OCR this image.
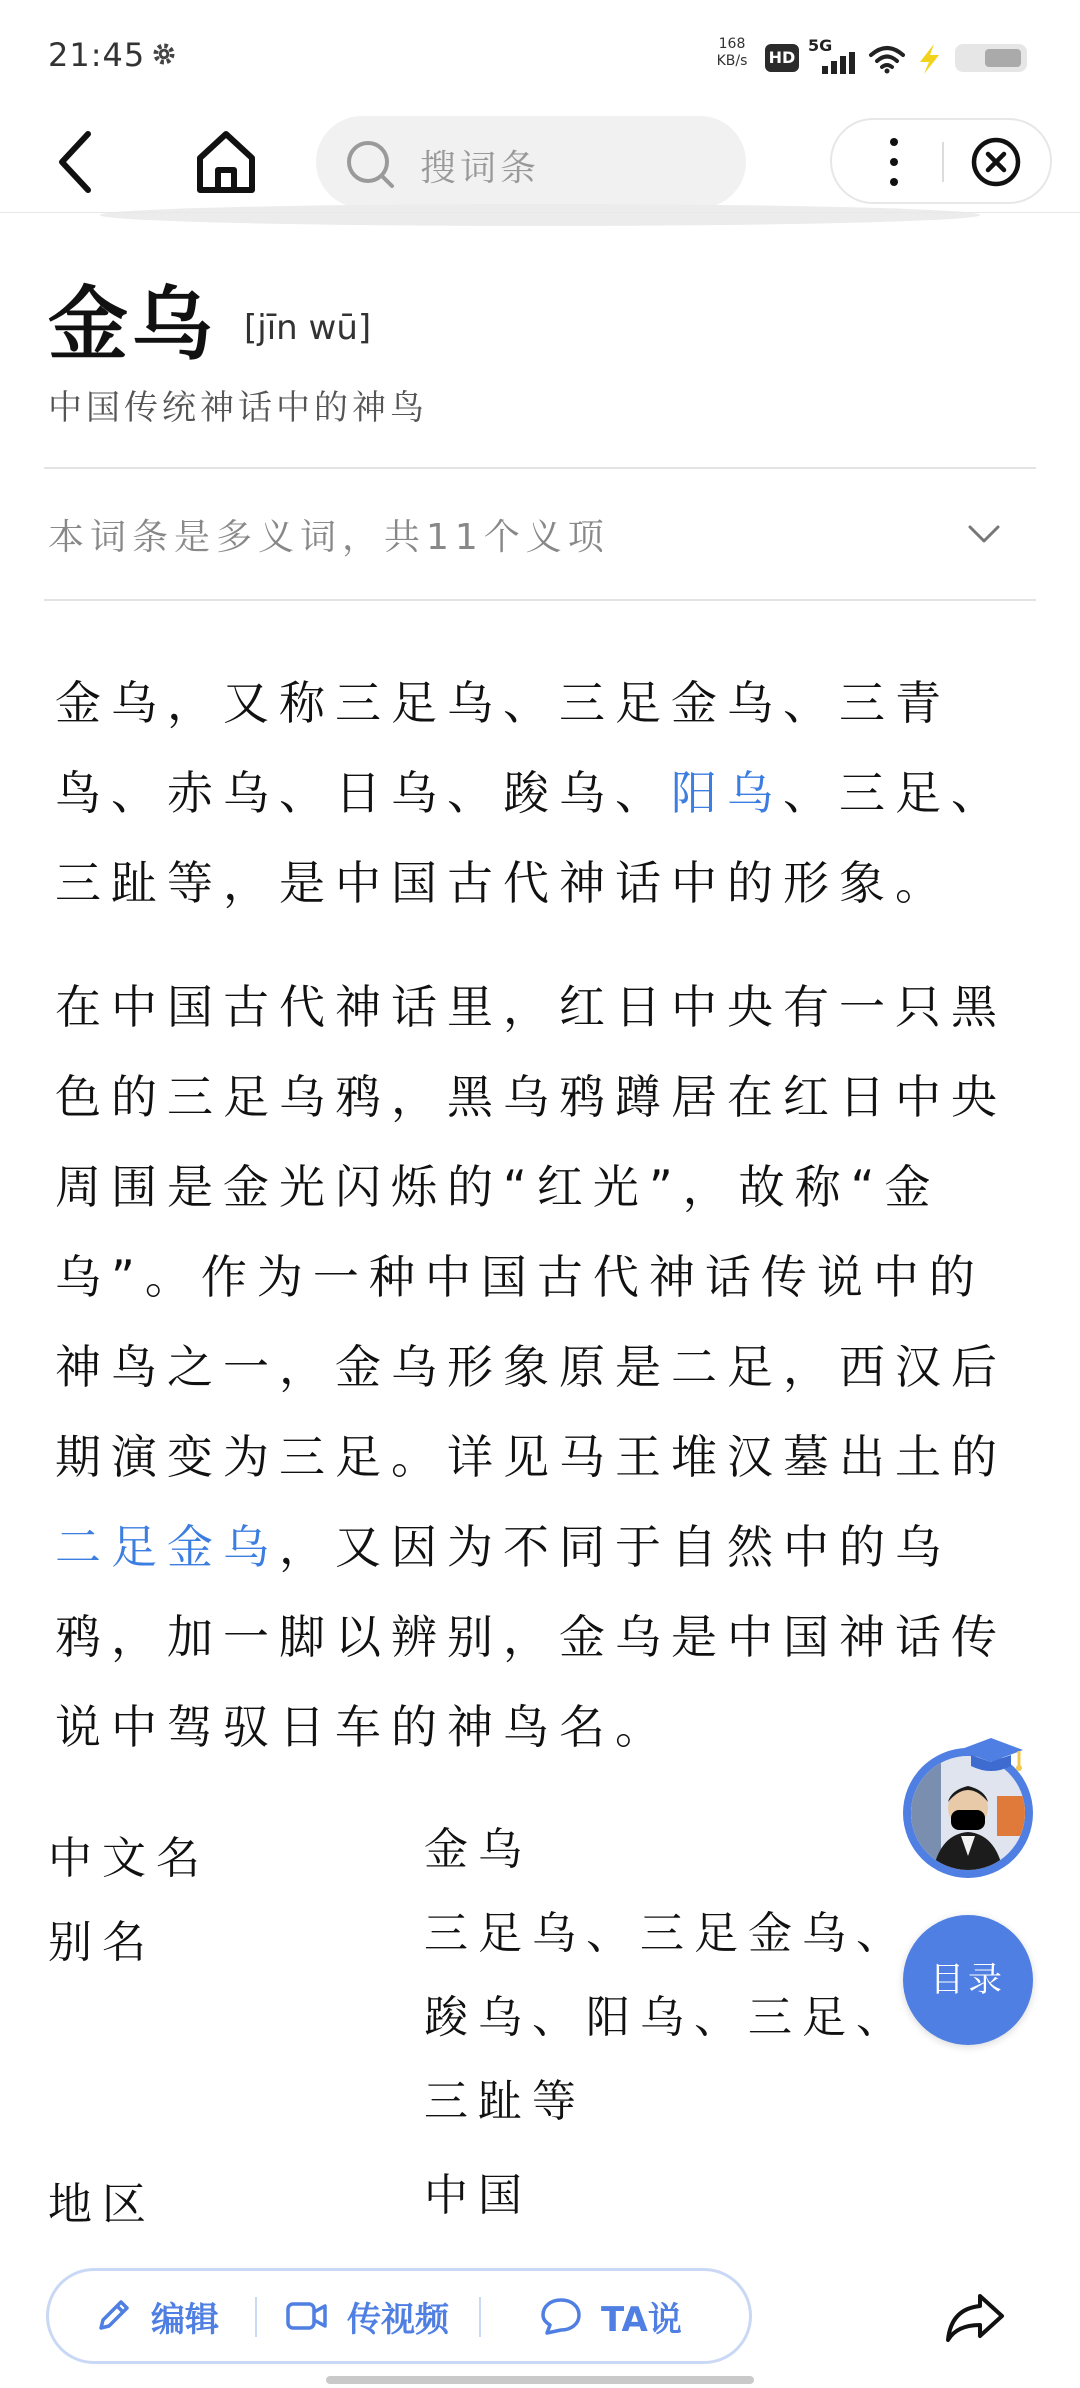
21:45	168
KB/s HD
5G
搜词条
金乌 [jīn wū]
中国传统神话中的神鸟
本词条是多义词，共11个义项
金乌，又称三足乌、三足金乌、三青鸟、赤乌、日乌、踆乌、阳乌、三足、三趾等，是中国古代神话中的形象。
在中国古代神话里，红日中央有一只黑色的三足乌鸦，黑乌鸦蹲居在红日中央周围是金光闪烁的“红光”，故称“金乌”。作为一种中国古代神话传说中的神鸟之一，金乌形象原是二足，西汉后期演变为三足。详见马王堆汉墓出土的二足金乌，又因为不同于自然中的乌鸦，加一脚以辨别，金乌是中国神话传说中驾驭日车的神鸟名。
中文名	金乌
别名	三足乌、三足金乌、踆乌、阳乌、三足、三趾等
地区	中国
目录
编辑	传视频	TA说
